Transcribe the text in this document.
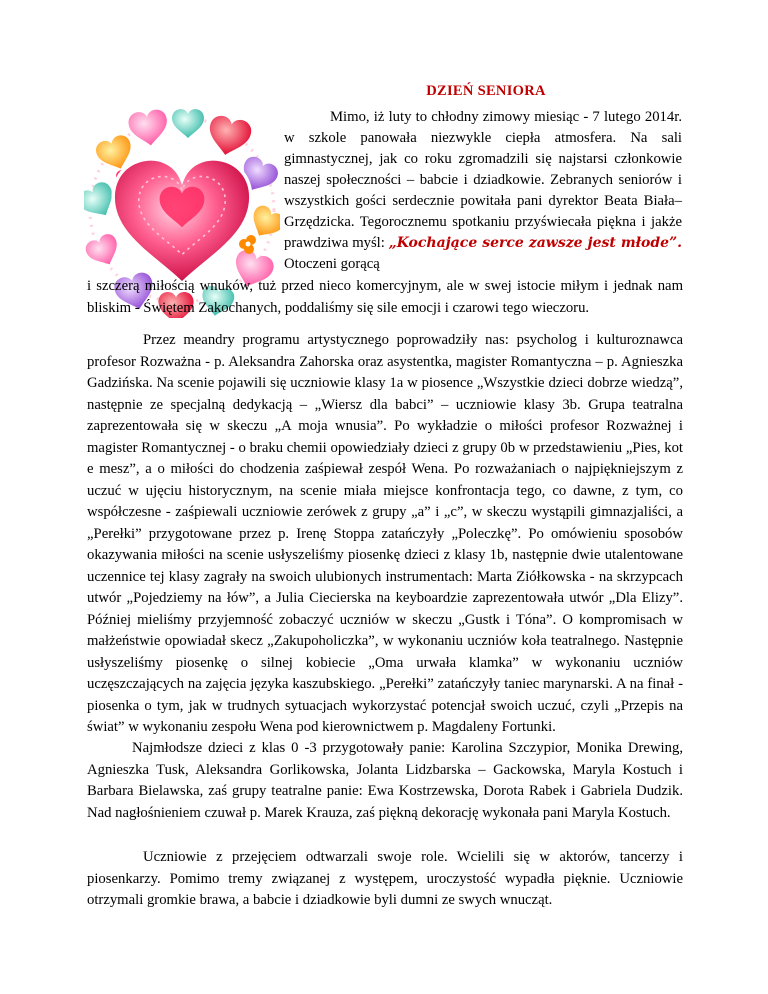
DZIEŃ SENIORA

Mimo, iż luty to chłodny zimowy miesiąc - 7 lutego 2014r. w szkole panowała niezwykle ciepła atmosfera. Na sali gimnastycznej, jak co roku zgromadzili się najstarsi członkowie naszej społeczności – babcie i dziadkowie. Zebranych seniorów i wszystkich gości serdecznie powitała pani dyrektor Beata Biała– Grzędzicka. Tegorocznemu spotkaniu przyświecała piękna i jakże prawdziwa myśl: „Kochające serce zawsze jest młode”. Otoczeni gorącą

i szczerą miłością wnuków, tuż przed nieco komercyjnym, ale w swej istocie miłym i jednak nam bliskim - Świętem Zakochanych, poddaliśmy się sile emocji i czarowi tego wieczoru.

Przez meandry programu artystycznego poprowadziły nas: psycholog i kulturoznawca profesor Rozważna - p. Aleksandra Zahorska oraz asystentka, magister Romantyczna – p. Agnieszka Gadzińska. Na scenie pojawili się uczniowie klasy 1a w piosence „Wszystkie dzieci dobrze wiedzą”, następnie ze specjalną dedykacją – „Wiersz dla babci” – uczniowie klasy 3b. Grupa teatralna zaprezentowała się w skeczu „A moja wnusia”. Po wykładzie o miłości profesor Rozważnej i magister Romantycznej - o braku chemii opowiedziały dzieci z grupy 0b w przedstawieniu „Pies, kot e mesz”, a o miłości do chodzenia zaśpiewał zespół Wena. Po rozważaniach o najpiękniejszym z uczuć w ujęciu historycznym, na scenie miała miejsce konfrontacja tego, co dawne, z tym, co współczesne - zaśpiewali uczniowie zerówek z grupy „a” i „c”, w skeczu wystąpili gimnazjaliści, a „Perełki” przygotowane przez p. Irenę Stoppa zatańczyły „Poleczkę”. Po omówieniu sposobów okazywania miłości na scenie usłyszeliśmy piosenkę dzieci z klasy 1b, następnie dwie utalentowane uczennice tej klasy zagrały na swoich ulubionych instrumentach: Marta Ziółkowska - na skrzypcach utwór „Pojedziemy na łów”, a Julia Ciecierska na keyboardzie zaprezentowała utwór „Dla Elizy”. Później mieliśmy przyjemność zobaczyć uczniów w skeczu „Gustk i Tóna”. O kompromisach w małżeństwie opowiadał skecz „Zakupoholiczka”, w wykonaniu uczniów koła teatralnego. Następnie usłyszeliśmy piosenkę o silnej kobiecie „Oma urwała klamka” w wykonaniu uczniów uczęszczających na zajęcia języka kaszubskiego. „Perełki” zatańczyły taniec marynarski. A na finał - piosenka o tym, jak w trudnych sytuacjach wykorzystać potencjał swoich uczuć, czyli „Przepis na świat” w wykonaniu zespołu Wena pod kierownictwem p. Magdaleny Fortunki.

Najmłodsze dzieci z klas 0 -3 przygotowały panie: Karolina Szczypior, Monika Drewing, Agnieszka Tusk, Aleksandra Gorlikowska, Jolanta Lidzbarska – Gackowska, Maryla Kostuch i Barbara Bielawska, zaś grupy teatralne panie: Ewa Kostrzewska, Dorota Rabek i Gabriela Dudzik. Nad nagłośnieniem czuwał p. Marek Krauza, zaś piękną dekorację wykonała pani Maryla Kostuch.

Uczniowie z przejęciem odtwarzali swoje role. Wcielili się w aktorów, tancerzy i piosenkarzy. Pomimo tremy związanej z występem, uroczystość wypadła pięknie. Uczniowie otrzymali gromkie brawa, a babcie i dziadkowie byli dumni ze swych wnucząt.
